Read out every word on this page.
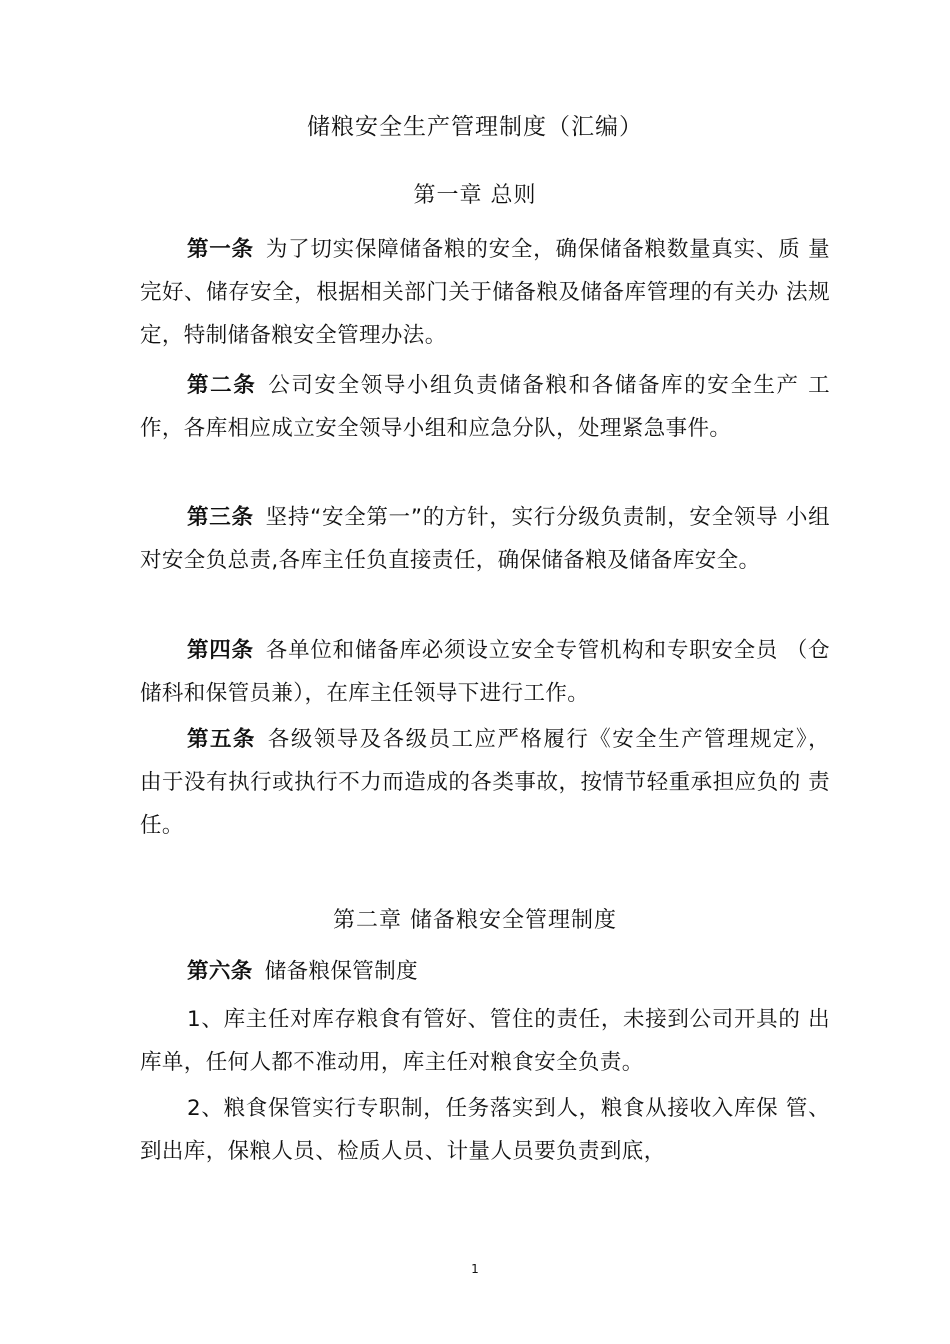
储粮安全生产管理制度（汇编）
第一章 总则
第一条 为了切实保障储备粮的安全，确保储备粮数量真实、质 量完好、储存安全，根据相关部门关于储备粮及储备库管理的有关办 法规定，特制储备粮安全管理办法。
第二条 公司安全领导小组负责储备粮和各储备库的安全生产 工作，各库相应成立安全领导小组和应急分队，处理紧急事件。
第三条 坚持“安全第一”的方针，实行分级负责制，安全领导 小组对安全负总责,各库主任负直接责任，确保储备粮及储备库安全。
第四条 各单位和储备库必须设立安全专管机构和专职安全员 （仓储科和保管员兼），在库主任领导下进行工作。
第五条 各级领导及各级员工应严格履行《安全生产管理规定》， 由于没有执行或执行不力而造成的各类事故，按情节轻重承担应负的 责任。
第二章 储备粮安全管理制度
第六条 储备粮保管制度
1、库主任对库存粮食有管好、管住的责任，未接到公司开具的 出库单，任何人都不准动用，库主任对粮食安全负责。
2、粮食保管实行专职制，任务落实到人，粮食从接收入库保 管、到出库，保粮人员、检质人员、计量人员要负责到底，
1
